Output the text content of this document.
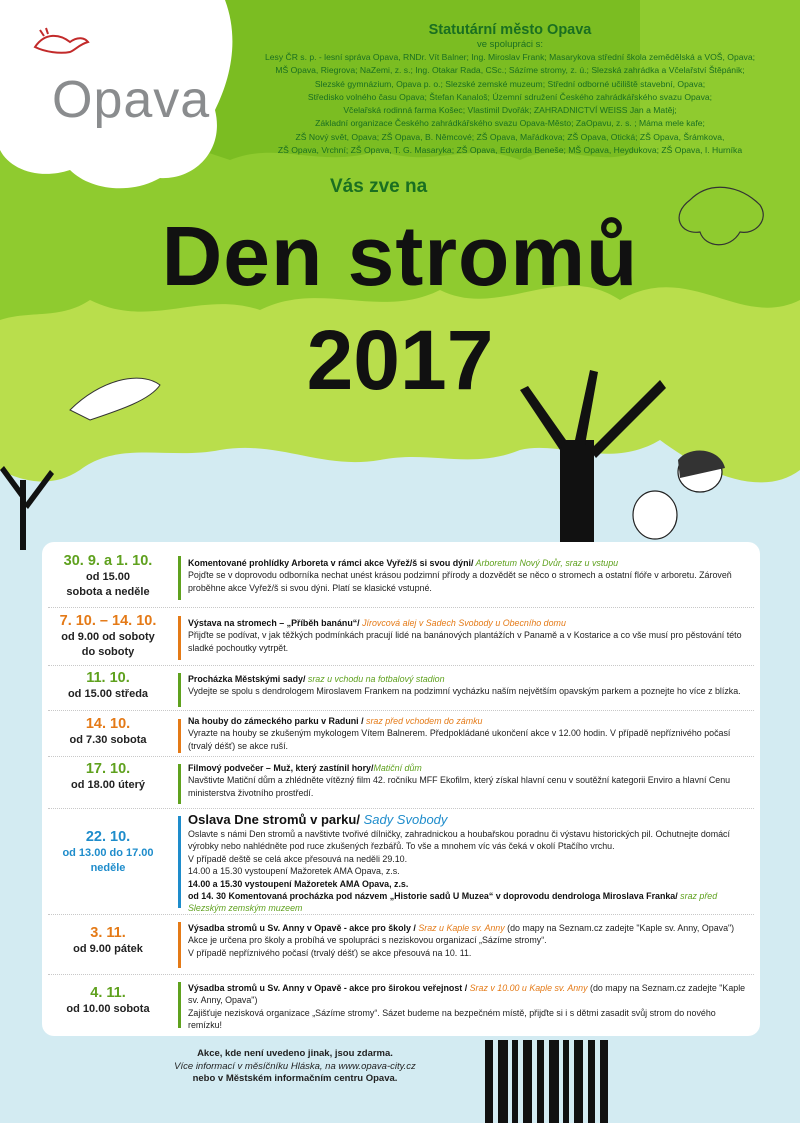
Opava
Statutární město Opava
ve spolupráci s:
Lesy ČR s. p. - lesní správa Opava, RNDr. Vít Balner; Ing. Miroslav Frank; Masarykova střední škola zemědělská a VOŠ, Opava;
MŠ Opava, Riegrova; NaZemi, z. s.; Ing. Otakar Rada, CSc.; Sázíme stromy, z. ú.; Slezská zahrádka a Včelařství Štěpánik;
Slezské gymnázium, Opava p. o.; Slezské zemské muzeum; Střední odborné učiliště stavební, Opava;
Středisko volného času Opava; Štefan Kanaloš; Územní sdružení Českého zahrádkářského svazu Opava;
Včelařská rodinná farma Košec; Vlastimil Dvořák; ZAHRADNICTVÍ WEISS Jan a Matěj;
Základní organizace Českého zahrádkářského svazu Opava-Město; ZaOpavu, z. s. ; Máma mele kafe;
ZŠ Nový svět, Opava; ZŠ Opava, B. Němcové; ZŠ Opava, Mařádkova; ZŠ Opava, Otická; ZŠ Opava, Šrámkova,
ZŠ Opava, Vrchní; ZŠ Opava, T. G. Masaryka; ZŠ Opava, Edvarda Beneše; MŠ Opava, Heydukova; ZŠ Opava, I. Hurníka
Vás zve na
Den stromů
2017
30. 9. a 1. 10.
od 15.00
sobota a neděle
Komentované prohlídky Arboreta v rámci akce Vyřež/š si svou dýni/ Arboretum Nový Dvůr, sraz u vstupu
Pojďte se v doprovodu odborníka nechat unést krásou podzimní přírody a dozvědět se něco o stromech a ostatní flóře v arboretu. Zároveň proběhne akce Vyřež/š si svou dýni. Platí se klasické vstupné.
7. 10. – 14. 10.
od 9.00 od soboty
do soboty
Výstava na stromech – „Příběh banánu“/ Jírovcová alej v Sadech Svobody u Obecního domu
Přijďte se podívat, v jak těžkých podmínkách pracují lidé na banánových plantážích v Panamě a v Kostarice a co vše musí pro pěstování této sladké pochoutky vytrpět.
11. 10.
od 15.00 středa
Procházka Městskými sady/ sraz u vchodu na fotbalový stadion
Vydejte se spolu s dendrologem Miroslavem Frankem na podzimní vycházku naším největším opavským parkem a poznejte ho více z blízka.
14. 10.
od 7.30 sobota
Na houby do zámeckého parku v Raduni / sraz před vchodem do zámku
Vyrazte na houby se zkušeným mykologem Vítem Balnerem. Předpokládané ukončení akce v 12.00 hodin. V případě nepříznivého počasí (trvalý déšť) se akce ruší.
17. 10.
od 18.00 úterý
Filmový podvečer – Muž, který zastínil hory/Matiční dům
Navštivte Matiční dům a zhlédněte vítězný film 42. ročníku MFF Ekofilm, který získal hlavní cenu v soutěžní kategorii Enviro a hlavní Cenu ministerstva životního prostředí.
22. 10.
od 13.00 do 17.00
neděle
Oslava Dne stromů v parku/ Sady Svobody
Oslavte s námi Den stromů a navštivte tvořivé dílničky, zahradnickou a houbařskou poradnu či výstavu historických pil. Ochutnejte domácí výrobky nebo nahlédněte pod ruce zkušených řezbářů. To vše a mnohem víc vás čeká v okolí Ptačího vrchu.
V případě deště se celá akce přesouvá na neděli 29.10.
14.00 a 15.30 vystoupení Mažoretek AMA Opava, z.s.
14.00 a 15.30 vystoupení Mažoretek AMA Opava, z.s.
od 14. 30 Komentovaná procházka pod názvem „Historie sadů U Muzea“ v doprovodu dendrologa Miroslava Franka/ sraz před Slezským zemským muzeem
3. 11.
od 9.00 pátek
Výsadba stromů u Sv. Anny v Opavě - akce pro školy / Sraz u Kaple sv. Anny (do mapy na Seznam.cz zadejte "Kaple sv. Anny, Opava")
Akce je určena pro školy a probíhá ve spolupráci s neziskovou organizací „Sázíme stromy“.
V případě nepříznivého počasí (trvalý déšť) se akce přesouvá na 10. 11.
4. 11.
od 10.00 sobota
Výsadba stromů u Sv. Anny v Opavě - akce pro širokou veřejnost / Sraz v 10.00 u Kaple sv. Anny (do mapy na Seznam.cz zadejte "Kaple sv. Anny, Opava")
Zajišťuje nezisková organizace „Sázíme stromy“. Sázet budeme na bezpečném místě, přijďte si i s dětmi zasadit svůj strom do nového remízku!
Akce, kde není uvedeno jinak, jsou zdarma.
Více informací v měsíčníku Hláska, na www.opava-city.cz
nebo v Městském informačním centru Opava.
